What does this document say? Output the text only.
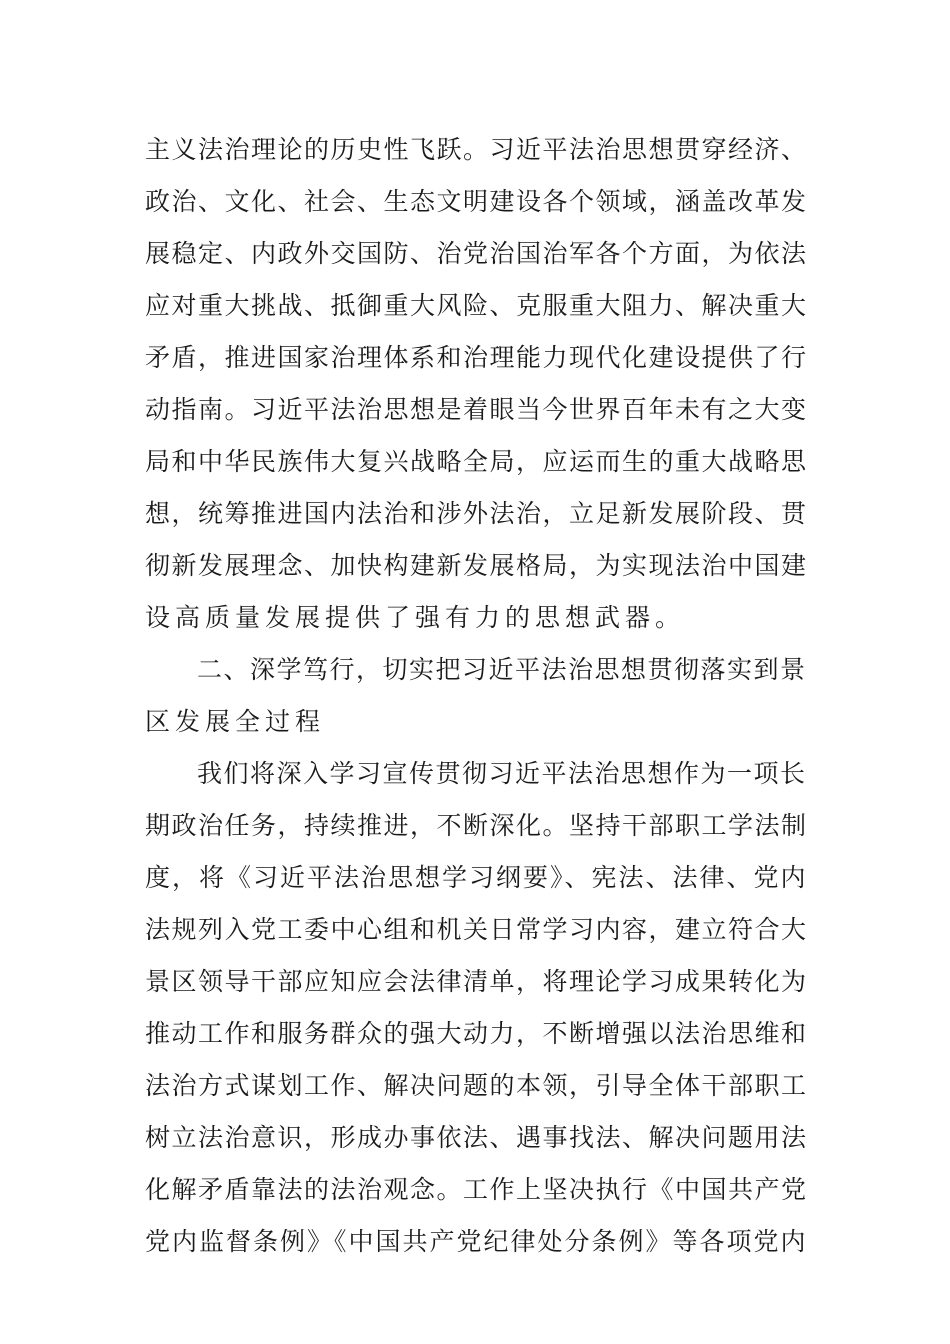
主义法治理论的历史性飞跃。习近平法治思想贯穿经济、
政治、文化、社会、生态文明建设各个领域，涵盖改革发
展稳定、内政外交国防、治党治国治军各个方面，为依法
应对重大挑战、抵御重大风险、克服重大阻力、解决重大
矛盾，推进国家治理体系和治理能力现代化建设提供了行
动指南。习近平法治思想是着眼当今世界百年未有之大变
局和中华民族伟大复兴战略全局，应运而生的重大战略思
想，统筹推进国内法治和涉外法治，立足新发展阶段、贯
彻新发展理念、加快构建新发展格局，为实现法治中国建
设高质量发展提供了强有力的思想武器。
二、深学笃行，切实把习近平法治思想贯彻落实到景
区发展全过程
我们将深入学习宣传贯彻习近平法治思想作为一项长
期政治任务，持续推进，不断深化。坚持干部职工学法制
度，将《习近平法治思想学习纲要》、宪法、法律、党内
法规列入党工委中心组和机关日常学习内容，建立符合大
景区领导干部应知应会法律清单，将理论学习成果转化为
推动工作和服务群众的强大动力，不断增强以法治思维和
法治方式谋划工作、解决问题的本领，引导全体干部职工
树立法治意识，形成办事依法、遇事找法、解决问题用法
化解矛盾靠法的法治观念。工作上坚决执行《中国共产党
党内监督条例》《中国共产党纪律处分条例》等各项党内
